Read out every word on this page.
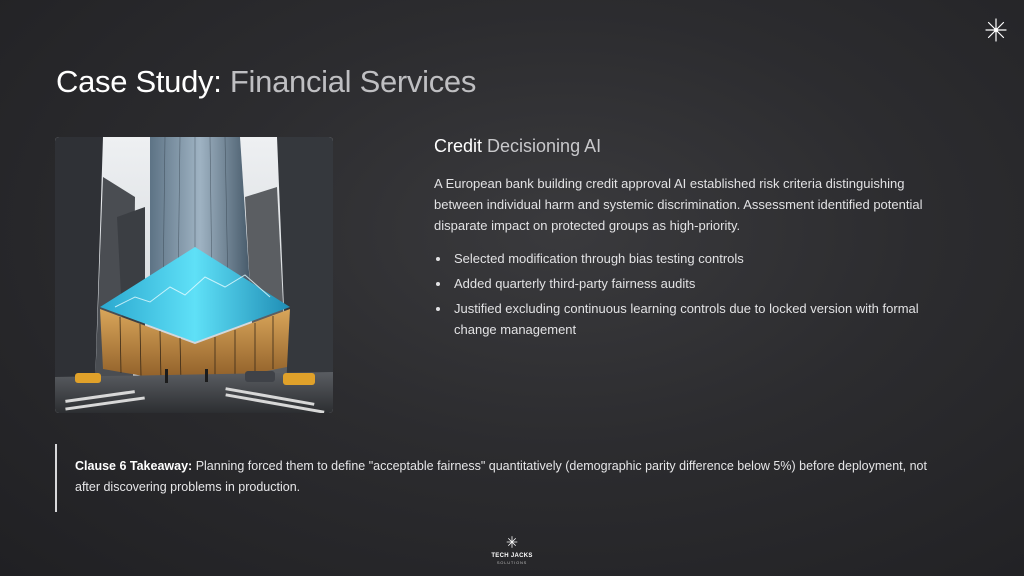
Case Study: Financial Services
Credit Decisioning AI

A European bank building credit approval AI established risk criteria distinguishing between individual harm and systemic discrimination. Assessment identified potential disparate impact on protected groups as high-priority.

Selected modification through bias testing controls
Added quarterly third-party fairness audits
Justified excluding continuous learning controls due to locked version with formal change management

Clause 6 Takeaway: Planning forced them to define "acceptable fairness" quantitatively (demographic parity difference below 5%) before deployment, not after discovering problems in production.

TECH JACKS
SOLUTIONS
